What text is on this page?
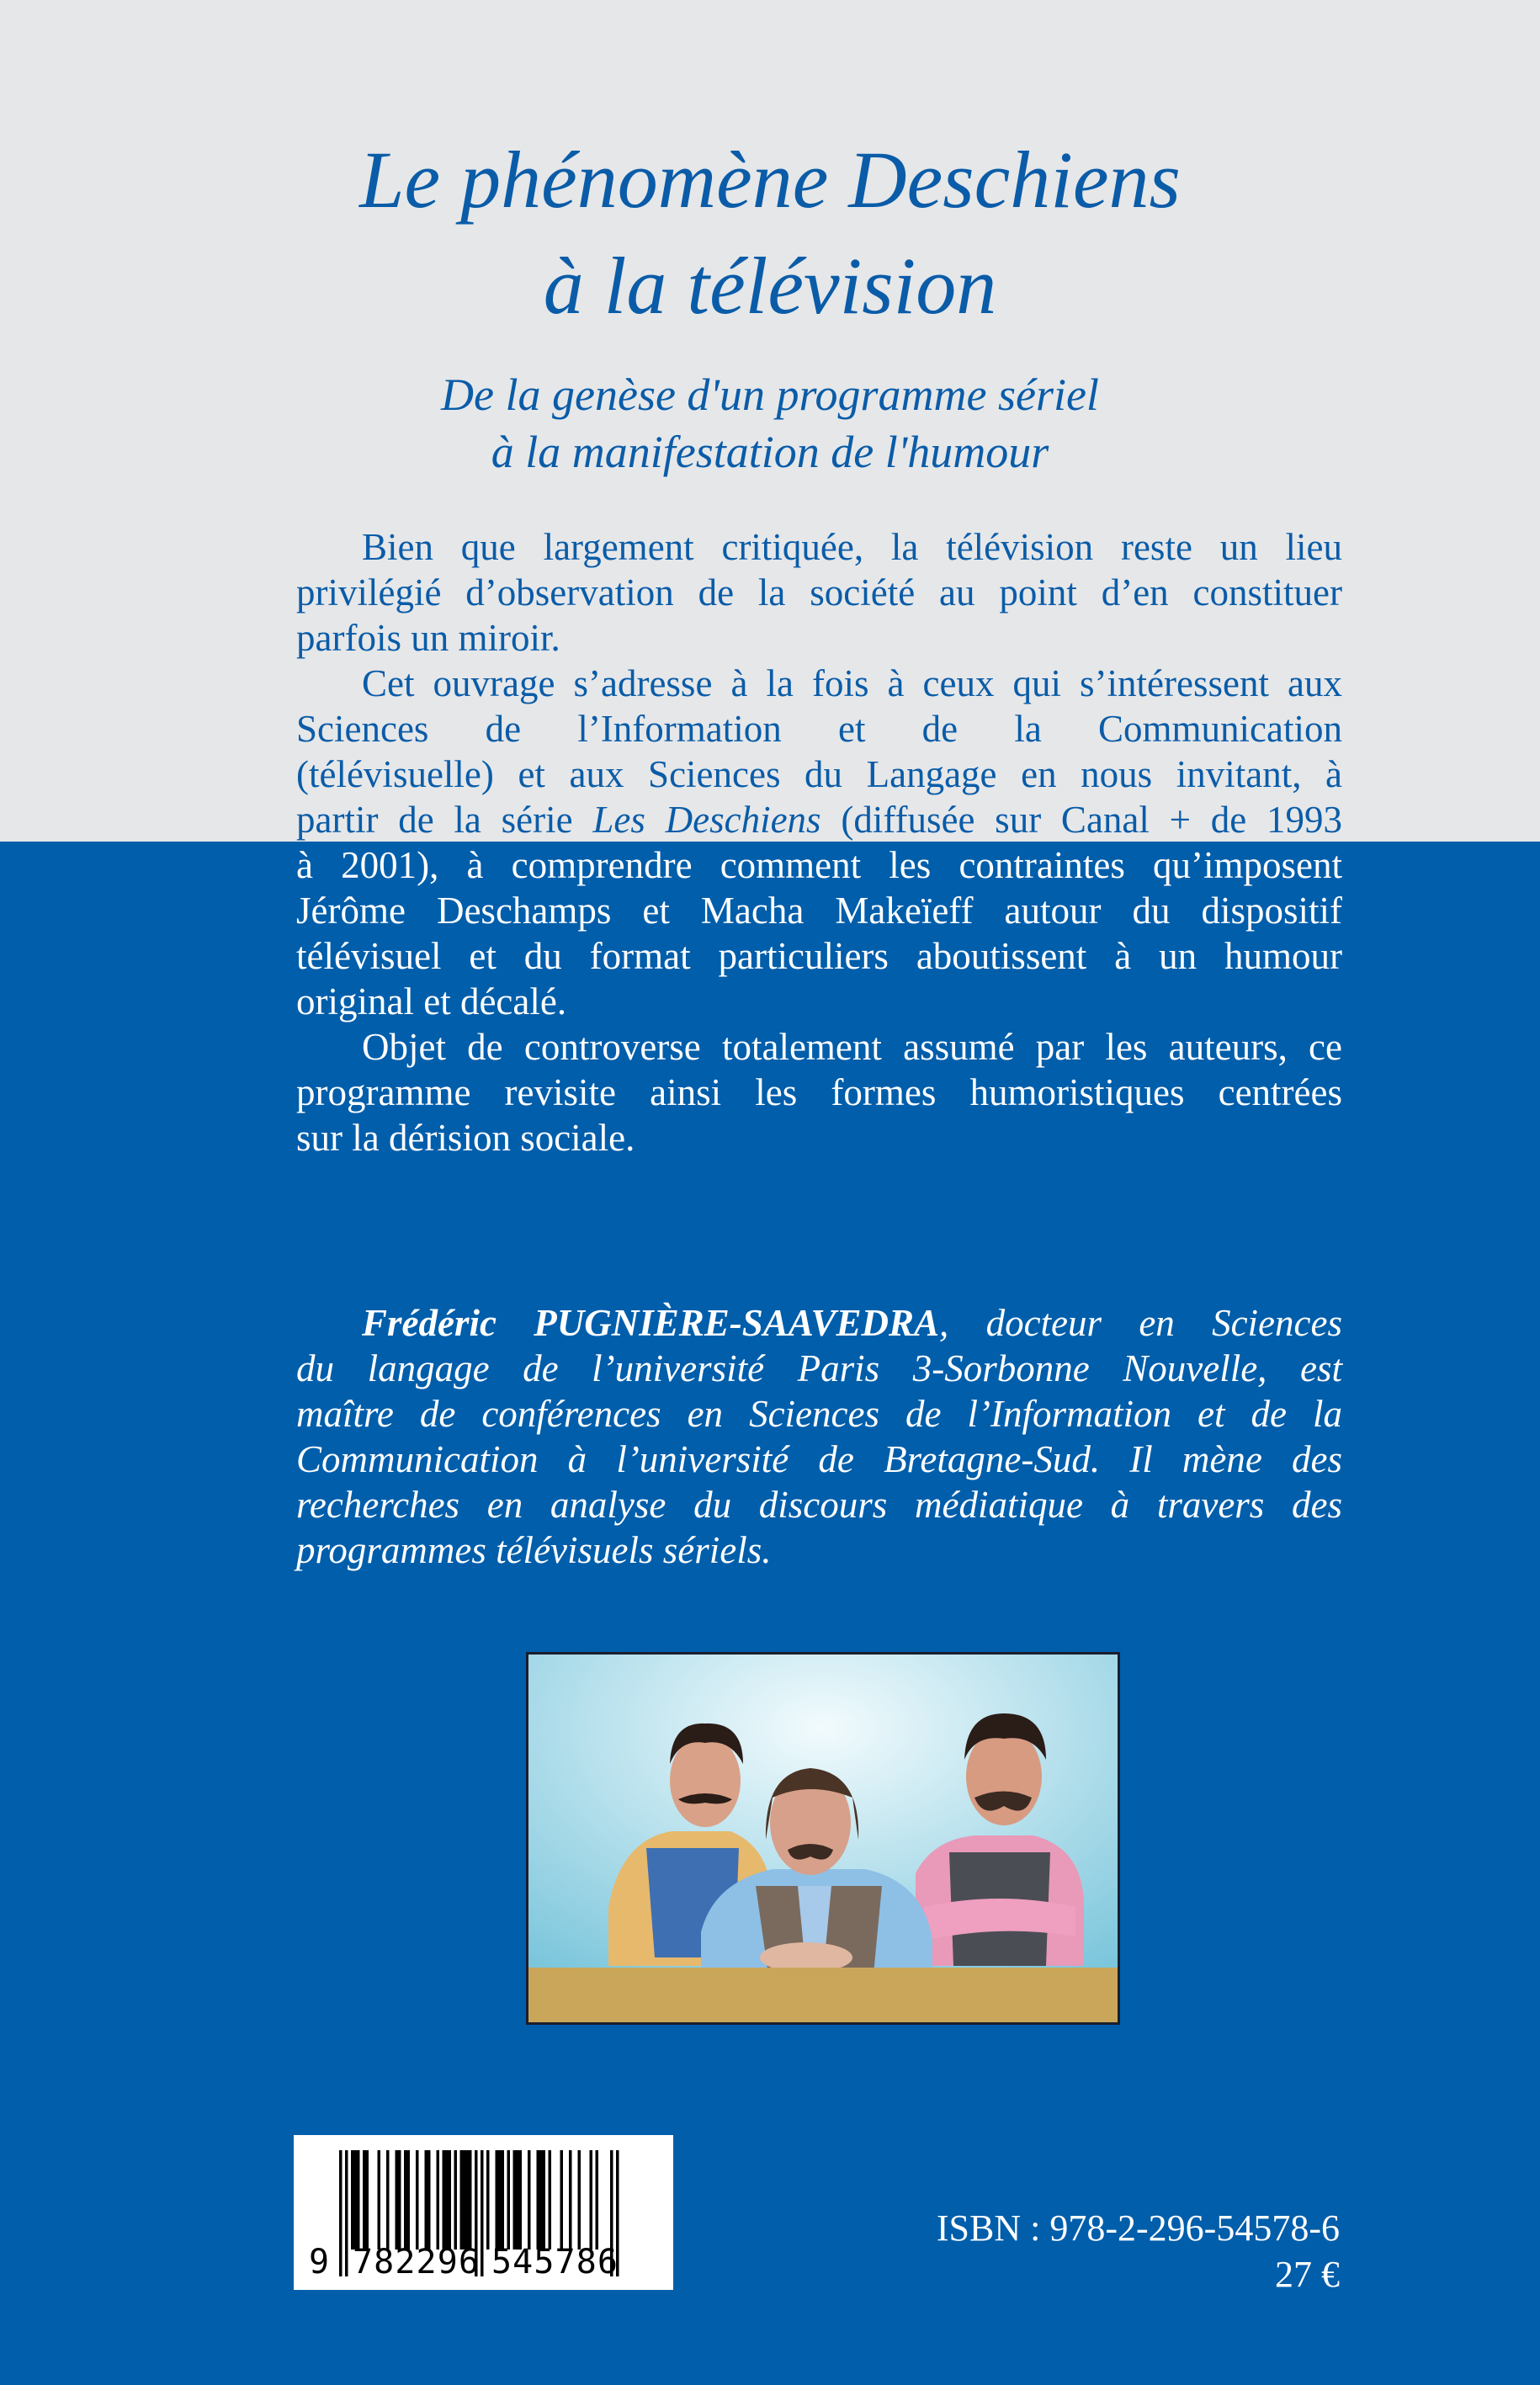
Le phénomène Deschiens
à la télévision
De la genèse d'un programme sériel
à la manifestation de l'humour
Bien que largement critiquée, la télévision reste un lieu
privilégié d’observation de la société au point d’en constituer
parfois un miroir.
Cet ouvrage s’adresse à la fois à ceux qui s’intéressent aux
Sciences de l’Information et de la Communication
(télévisuelle) et aux Sciences du Langage en nous invitant, à
partir de la série Les Deschiens (diffusée sur Canal + de 1993
à 2001), à comprendre comment les contraintes qu’imposent
Jérôme Deschamps et Macha Makeïeff autour du dispositif
télévisuel et du format particuliers aboutissent à un humour
original et décalé.
Objet de controverse totalement assumé par les auteurs, ce
programme revisite ainsi les formes humoristiques centrées
sur la dérision sociale.
Frédéric PUGNIÈRE-SAAVEDRA, docteur en Sciences
du langage de l’université Paris 3-Sorbonne Nouvelle, est
maître de conférences en Sciences de l’Information et de la
Communication à l’université de Bretagne-Sud. Il mène des
recherches en analyse du discours médiatique à travers des
programmes télévisuels sériels.
9 782296 545786
ISBN : 978-2-296-54578-6
27 €
